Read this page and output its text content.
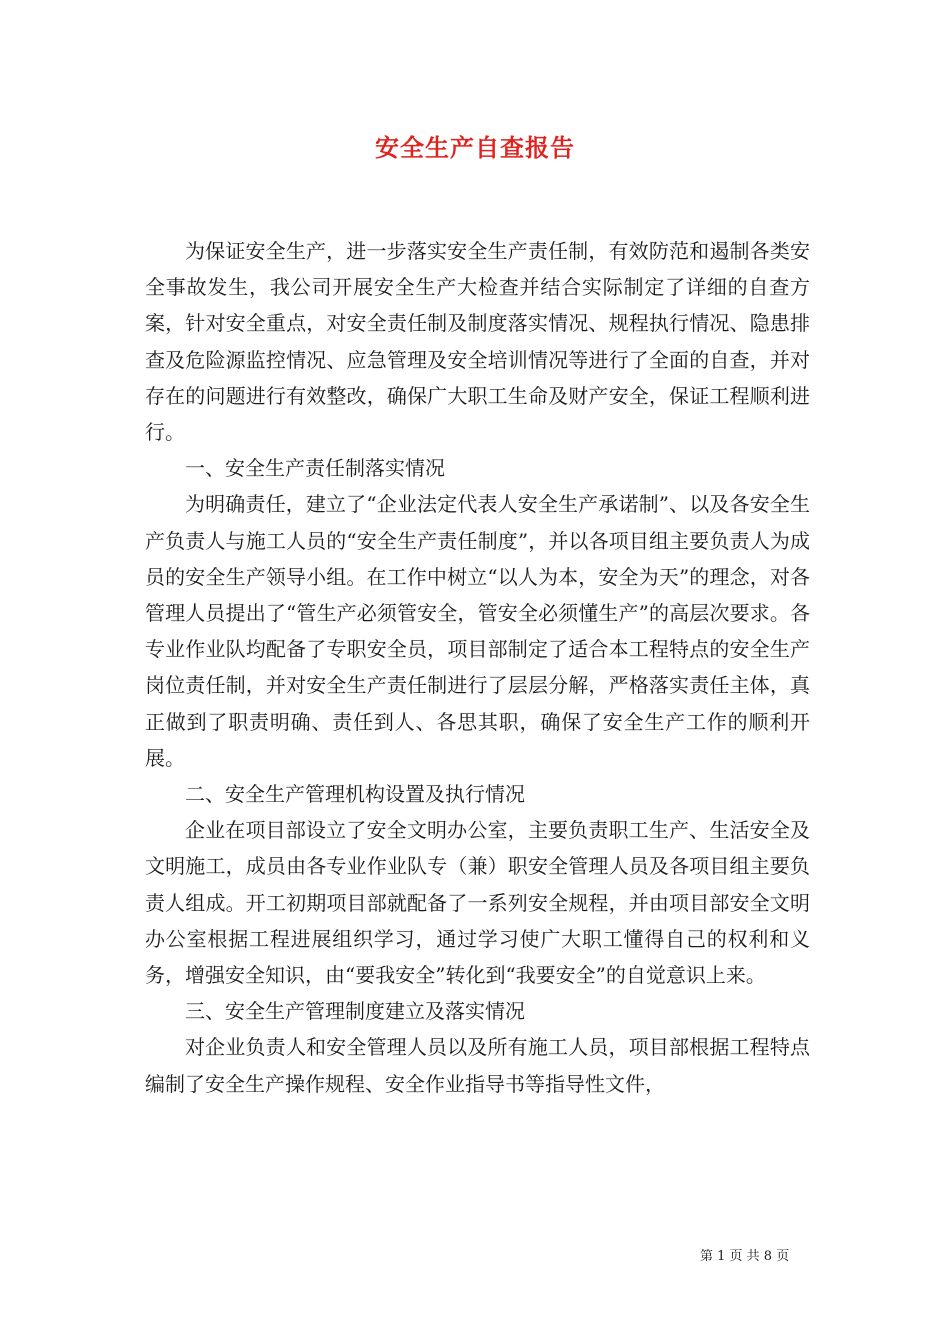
安全生产自查报告

为保证安全生产，进一步落实安全生产责任制，有效防范和遏制各类安全事故发生，我公司开展安全生产大检查并结合实际制定了详细的自查方案，针对安全重点，对安全责任制及制度落实情况、规程执行情况、隐患排查及危险源监控情况、应急管理及安全培训情况等进行了全面的自查，并对存在的问题进行有效整改，确保广大职工生命及财产安全，保证工程顺利进行。

一、安全生产责任制落实情况

为明确责任，建立了“企业法定代表人安全生产承诺制”、以及各安全生产负责人与施工人员的“安全生产责任制度”，并以各项目组主要负责人为成员的安全生产领导小组。在工作中树立“以人为本，安全为天”的理念，对各管理人员提出了“管生产必须管安全，管安全必须懂生产”的高层次要求。各专业作业队均配备了专职安全员，项目部制定了适合本工程特点的安全生产岗位责任制，并对安全生产责任制进行了层层分解，严格落实责任主体，真正做到了职责明确、责任到人、各思其职，确保了安全生产工作的顺利开展。

二、安全生产管理机构设置及执行情况

企业在项目部设立了安全文明办公室，主要负责职工生产、生活安全及文明施工，成员由各专业作业队专（兼）职安全管理人员及各项目组主要负责人组成。开工初期项目部就配备了一系列安全规程，并由项目部安全文明办公室根据工程进展组织学习，通过学习使广大职工懂得自己的权利和义务，增强安全知识，由“要我安全”转化到“我要安全”的自觉意识上来。

三、安全生产管理制度建立及落实情况

对企业负责人和安全管理人员以及所有施工人员，项目部根据工程特点编制了安全生产操作规程、安全作业指导书等指导性文件，

第 1 页 共 8 页
